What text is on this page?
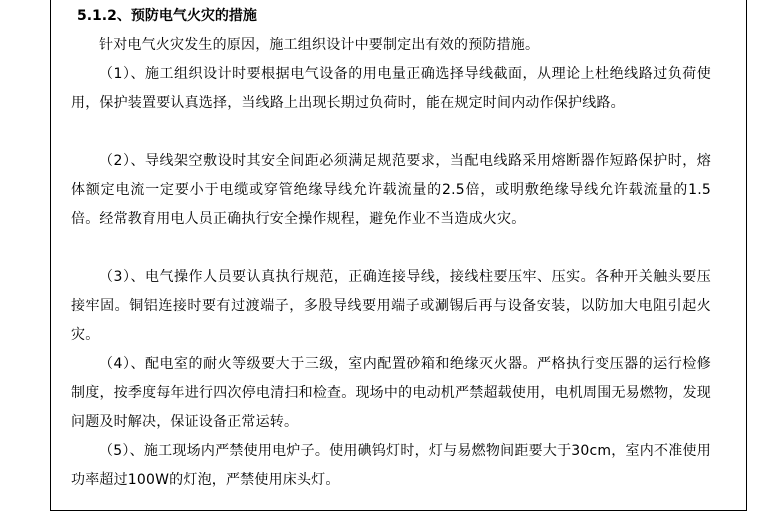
5.1.2、预防电气火灾的措施

针对电气火灾发生的原因，施工组织设计中要制定出有效的预防措施。

（1）、施工组织设计时要根据电气设备的用电量正确选择导线截面，从理论上杜绝线路过负荷使用，保护装置要认真选择，当线路上出现长期过负荷时，能在规定时间内动作保护线路。

（2）、导线架空敷设时其安全间距必须满足规范要求，当配电线路采用熔断器作短路保护时，熔体额定电流一定要小于电缆或穿管绝缘导线允许载流量的2.5倍，或明敷绝缘导线允许载流量的1.5倍。经常教育用电人员正确执行安全操作规程，避免作业不当造成火灾。

（3）、电气操作人员要认真执行规范，正确连接导线，接线柱要压牢、压实。各种开关触头要压接牢固。铜铝连接时要有过渡端子，多股导线要用端子或涮锡后再与设备安装，以防加大电阻引起火灾。

（4）、配电室的耐火等级要大于三级，室内配置砂箱和绝缘灭火器。严格执行变压器的运行检修制度，按季度每年进行四次停电清扫和检查。现场中的电动机严禁超载使用，电机周围无易燃物，发现问题及时解决，保证设备正常运转。

（5）、施工现场内严禁使用电炉子。使用碘钨灯时，灯与易燃物间距要大于30cm，室内不准使用功率超过100W的灯泡，严禁使用床头灯。
